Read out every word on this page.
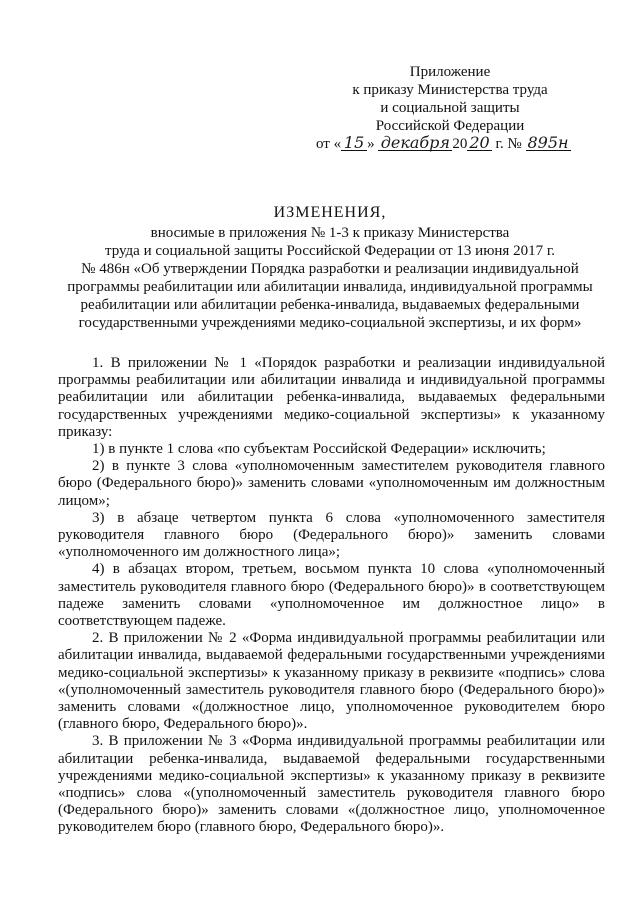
Приложение
к приказу Министерства труда
и социальной защиты
Российской Федерации
от « 15 » декабря 20 20 г. № 895н
ИЗМЕНЕНИЯ,
вносимые в приложения № 1-3 к приказу Министерства
труда и социальной защиты Российской Федерации от 13 июня 2017 г.
№ 486н «Об утверждении Порядка разработки и реализации индивидуальной
программы реабилитации или абилитации инвалида, индивидуальной программы
реабилитации или абилитации ребенка-инвалида, выдаваемых федеральными
государственными учреждениями медико-социальной экспертизы, и их форм»

1. В приложении № 1 «Порядок разработки и реализации индивидуальной программы реабилитации или абилитации инвалида и индивидуальной программы реабилитации или абилитации ребенка-инвалида, выдаваемых федеральными государственных учреждениями медико-социальной экспертизы» к указанному приказу:

1) в пункте 1 слова «по субъектам Российской Федерации» исключить;

2) в пункте 3 слова «уполномоченным заместителем руководителя главного бюро (Федерального бюро)» заменить словами «уполномоченным им должностным лицом»;

3) в абзаце четвертом пункта 6 слова «уполномоченного заместителя руководителя главного бюро (Федерального бюро)» заменить словами «уполномоченного им должностного лица»;

4) в абзацах втором, третьем, восьмом пункта 10 слова «уполномоченный заместитель руководителя главного бюро (Федерального бюро)» в соответствующем падеже заменить словами «уполномоченное им должностное лицо» в соответствующем падеже.

2. В приложении № 2 «Форма индивидуальной программы реабилитации или абилитации инвалида, выдаваемой федеральными государственными учреждениями медико-социальной экспертизы» к указанному приказу в реквизите «подпись» слова «(уполномоченный заместитель руководителя главного бюро (Федерального бюро)» заменить словами «(должностное лицо, уполномоченное руководителем бюро (главного бюро, Федерального бюро)».

3. В приложении № 3 «Форма индивидуальной программы реабилитации или абилитации ребенка-инвалида, выдаваемой федеральными государственными учреждениями медико-социальной экспертизы» к указанному приказу в реквизите «подпись» слова «(уполномоченный заместитель руководителя главного бюро (Федерального бюро)» заменить словами «(должностное лицо, уполномоченное руководителем бюро (главного бюро, Федерального бюро)».
